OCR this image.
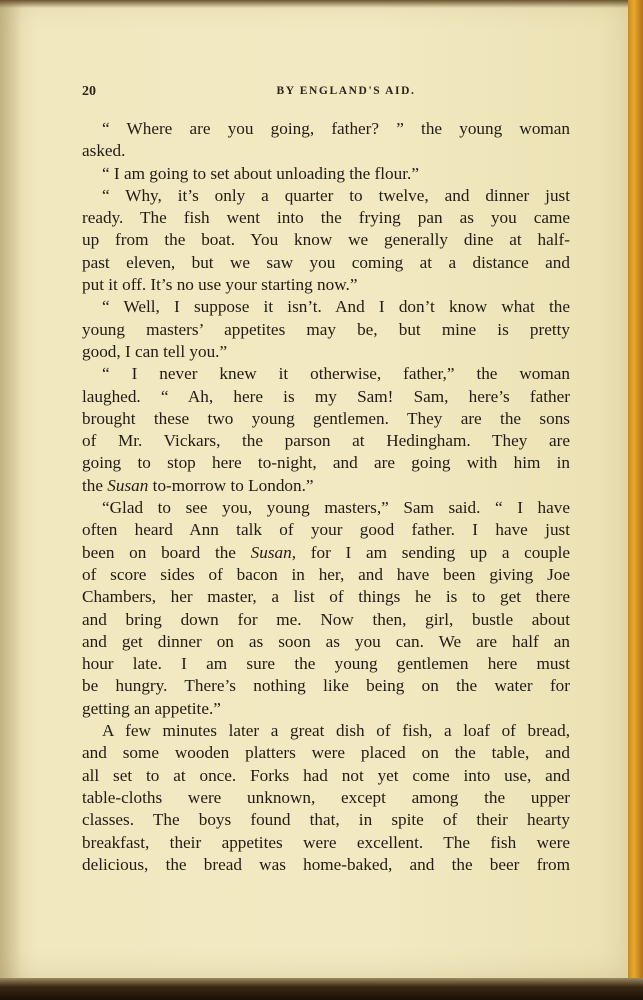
20	BY ENGLAND'S AID.
“ Where are you going, father? ” the young woman
asked.
“ I am going to set about unloading the flour.”
“ Why, it’s only a quarter to twelve, and dinner just
ready. The fish went into the frying pan as you came
up from the boat. You know we generally dine at half-
past eleven, but we saw you coming at a distance and
put it off. It’s no use your starting now.”
“ Well, I suppose it isn’t. And I don’t know what the
young masters’ appetites may be, but mine is pretty
good, I can tell you.”
“ I never knew it otherwise, father,” the woman
laughed. “ Ah, here is my Sam! Sam, here’s father
brought these two young gentlemen. They are the sons
of Mr. Vickars, the parson at Hedingham. They are
going to stop here to-night, and are going with him in
the Susan to-morrow to London.”
“Glad to see you, young masters,” Sam said. “ I have
often heard Ann talk of your good father. I have just
been on board the Susan, for I am sending up a couple
of score sides of bacon in her, and have been giving Joe
Chambers, her master, a list of things he is to get there
and bring down for me. Now then, girl, bustle about
and get dinner on as soon as you can. We are half an
hour late. I am sure the young gentlemen here must
be hungry. There’s nothing like being on the water for
getting an appetite.”
A few minutes later a great dish of fish, a loaf of bread,
and some wooden platters were placed on the table, and
all set to at once. Forks had not yet come into use, and
table-cloths were unknown, except among the upper
classes. The boys found that, in spite of their hearty
breakfast, their appetites were excellent. The fish were
delicious, the bread was home-baked, and the beer from
